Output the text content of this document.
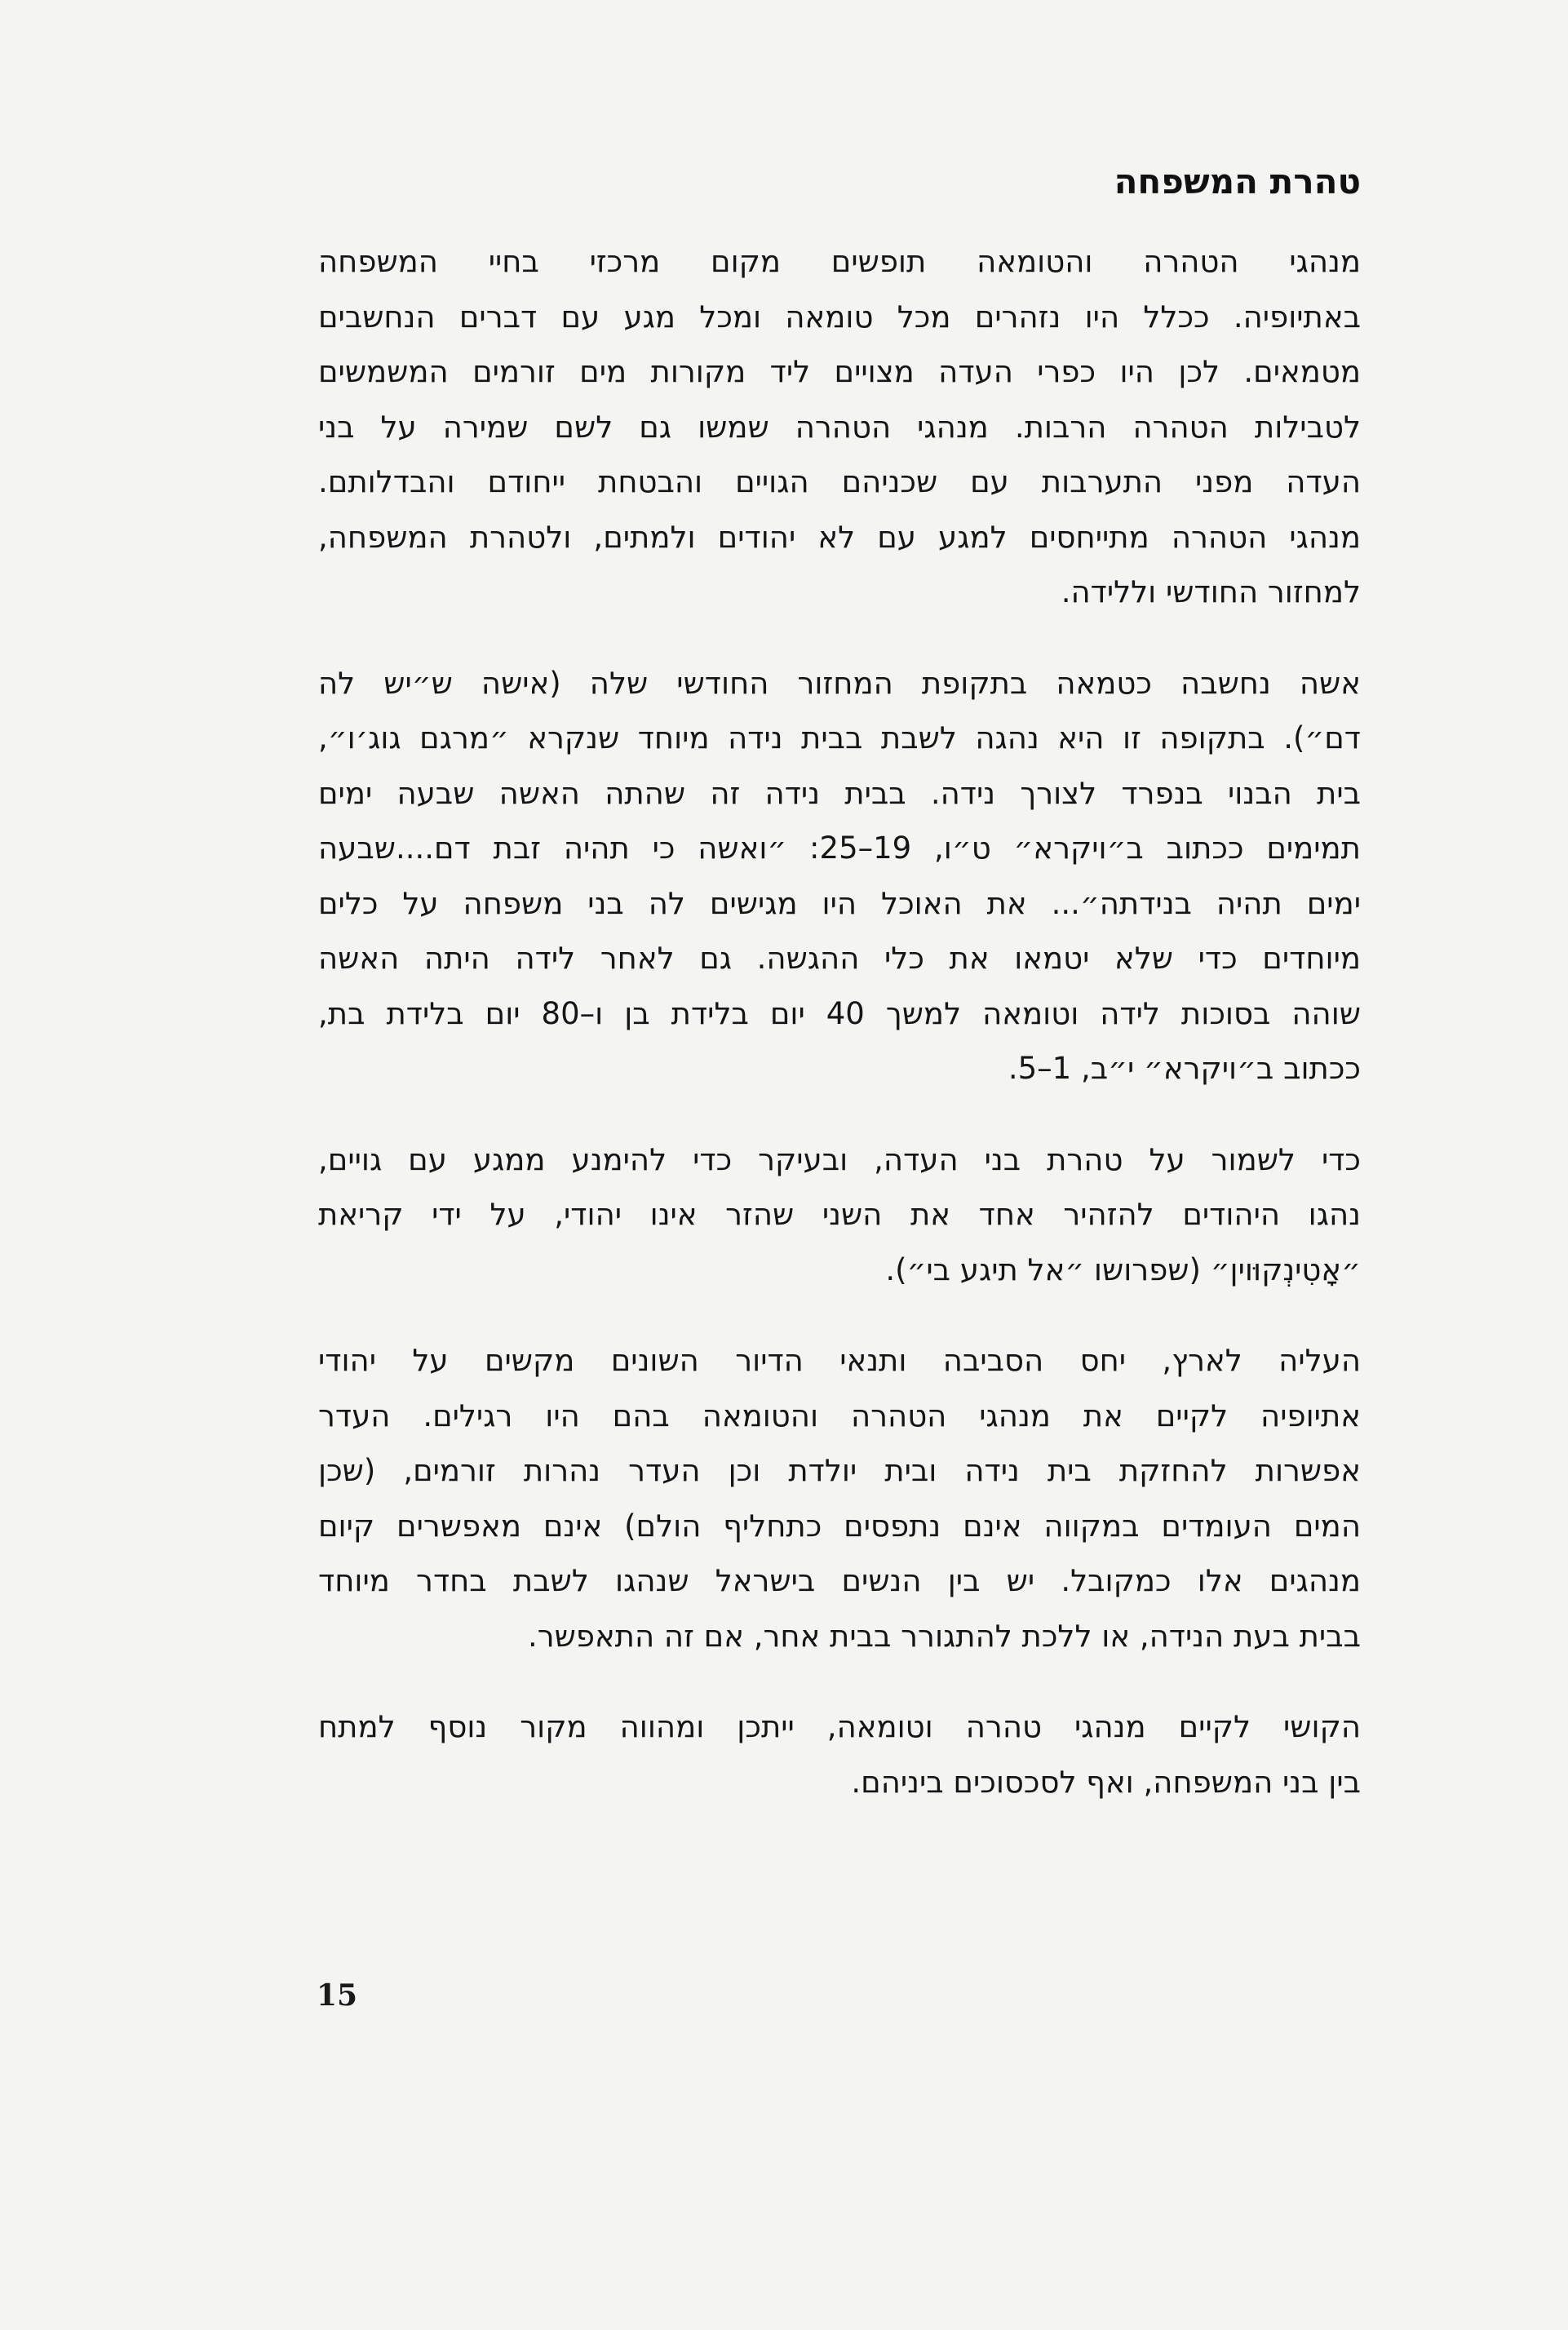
טהרת המשפחה
מנהגי הטהרה והטומאה תופשים מקום מרכזי בחיי המשפחה
באתיופיה. ככלל היו נזהרים מכל טומאה ומכל מגע עם דברים הנחשבים
מטמאים. לכן היו כפרי העדה מצויים ליד מקורות מים זורמים המשמשים
לטבילות הטהרה הרבות. מנהגי הטהרה שמשו גם לשם שמירה על בני
העדה מפני התערבות עם שכניהם הגויים והבטחת ייחודם והבדלותם.
מנהגי הטהרה מתייחסים למגע עם לא יהודים ולמתים, ולטהרת המשפחה,
למחזור החודשי וללידה.
אשה נחשבה כטמאה בתקופת המחזור החודשי שלה (אישה ש״יש לה
דם״). בתקופה זו היא נהגה לשבת בבית נידה מיוחד שנקרא ״מרגם גוג׳ו״,
בית הבנוי בנפרד לצורך נידה. בבית נידה זה שהתה האשה שבעה ימים
תמימים ככתוב ב״ויקרא״ ט״ו, 19–25: ״ואשה כי תהיה זבת דם....שבעה
ימים תהיה בנידתה״... את האוכל היו מגישים לה בני משפחה על כלים
מיוחדים כדי שלא יטמאו את כלי ההגשה. גם לאחר לידה היתה האשה
שוהה בסוכות לידה וטומאה למשך 40 יום בלידת בן ו–80 יום בלידת בת,
ככתוב ב״ויקרא״ י״ב, 1–5.
כדי לשמור על טהרת בני העדה, ובעיקר כדי להימנע ממגע עם גויים,
נהגו היהודים להזהיר אחד את השני שהזר אינו יהודי, על ידי קריאת
״אָטִינְקוּוין״ (שפרושו ״אל תיגע בי״).
העליה לארץ, יחס הסביבה ותנאי הדיור השונים מקשים על יהודי
אתיופיה לקיים את מנהגי הטהרה והטומאה בהם היו רגילים. העדר
אפשרות להחזקת בית נידה ובית יולדת וכן העדר נהרות זורמים, (שכן
המים העומדים במקווה אינם נתפסים כתחליף הולם) אינם מאפשרים קיום
מנהגים אלו כמקובל. יש בין הנשים בישראל שנהגו לשבת בחדר מיוחד
בבית בעת הנידה, או ללכת להתגורר בבית אחר, אם זה התאפשר.
הקושי לקיים מנהגי טהרה וטומאה, ייתכן ומהווה מקור נוסף למתח
בין בני המשפחה, ואף לסכסוכים ביניהם.
15
